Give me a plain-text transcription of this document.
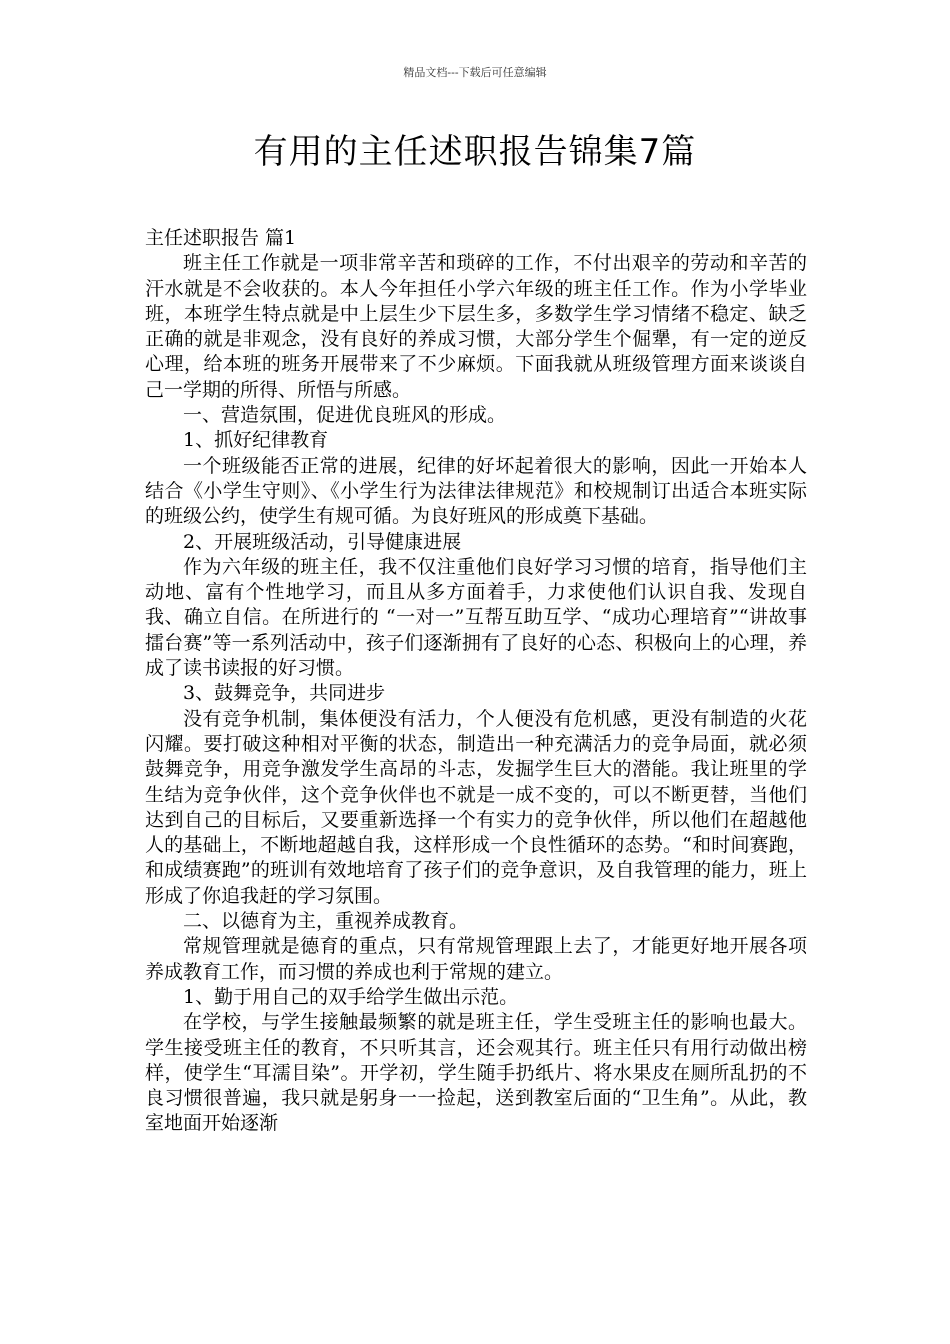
精品文档---下载后可任意编辑
有用的主任述职报告锦集7篇

主任述职报告 篇1

班主任工作就是一项非常辛苦和琐碎的工作，不付出艰辛的劳动和辛苦的汗水就是不会收获的。本人今年担任小学六年级的班主任工作。作为小学毕业班，本班学生特点就是中上层生少下层生多，多数学生学习情绪不稳定、缺乏正确的就是非观念，没有良好的养成习惯，大部分学生个倔犟，有一定的逆反心理，给本班的班务开展带来了不少麻烦。下面我就从班级管理方面来谈谈自己一学期的所得、所悟与所感。

一、营造氛围，促进优良班风的形成。

1、抓好纪律教育

一个班级能否正常的进展，纪律的好坏起着很大的影响，因此一开始本人结合《小学生守则》、《小学生行为法律法律规范》和校规制订出适合本班实际的班级公约，使学生有规可循。为良好班风的形成奠下基础。

2、开展班级活动，引导健康进展

作为六年级的班主任，我不仅注重他们良好学习习惯的培育，指导他们主动地、富有个性地学习，而且从多方面着手，力求使他们认识自我、发现自我、确立自信。在所进行的 “一对一”互帮互助互学、“成功心理培育”“讲故事擂台赛”等一系列活动中，孩子们逐渐拥有了良好的心态、积极向上的心理，养成了读书读报的好习惯。

3、鼓舞竞争，共同进步

没有竞争机制，集体便没有活力，个人便没有危机感，更没有制造的火花闪耀。要打破这种相对平衡的状态，制造出一种充满活力的竞争局面，就必须鼓舞竞争，用竞争激发学生高昂的斗志，发掘学生巨大的潜能。我让班里的学生结为竞争伙伴，这个竞争伙伴也不就是一成不变的，可以不断更替，当他们达到自己的目标后，又要重新选择一个有实力的竞争伙伴，所以他们在超越他人的基础上，不断地超越自我，这样形成一个良性循环的态势。“和时间赛跑，和成绩赛跑”的班训有效地培育了孩子们的竞争意识，及自我管理的能力，班上形成了你追我赶的学习氛围。

二、以德育为主，重视养成教育。

常规管理就是德育的重点，只有常规管理跟上去了，才能更好地开展各项养成教育工作，而习惯的养成也利于常规的建立。

1、勤于用自己的双手给学生做出示范。

在学校，与学生接触最频繁的就是班主任，学生受班主任的影响也最大。学生接受班主任的教育，不只听其言，还会观其行。班主任只有用行动做出榜样，使学生“耳濡目染”。开学初，学生随手扔纸片、将水果皮在厕所乱扔的不良习惯很普遍，我只就是躬身一一捡起，送到教室后面的“卫生角”。从此，教室地面开始逐渐
